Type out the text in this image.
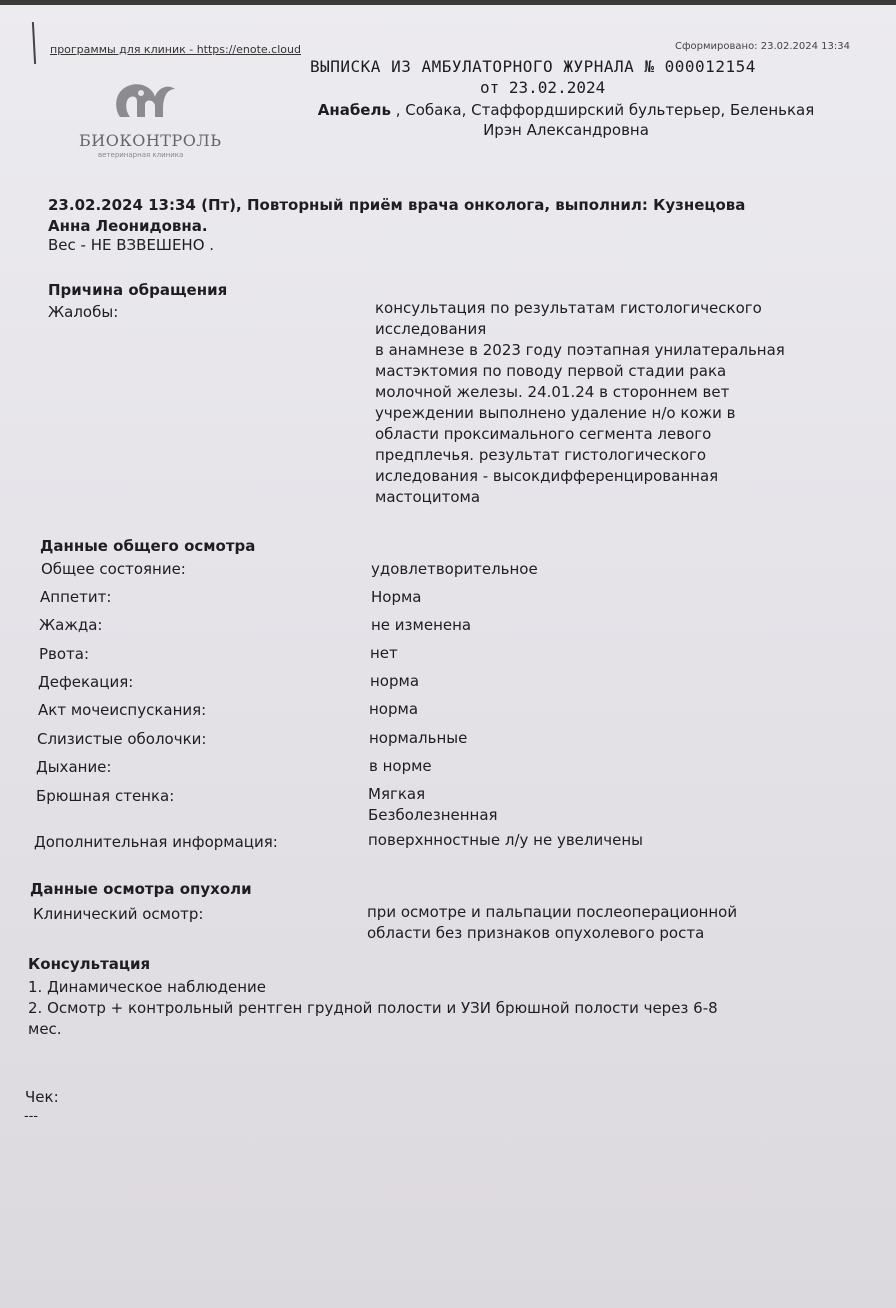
программы для клиник - https://enote.cloud	Сформировано: 23.02.2024 13:34
ВЫПИСКА ИЗ АМБУЛАТОРНОГО ЖУРНАЛА № 000012154
от 23.02.2024
Анабель , Собака, Стаффордширский бультерьер, Беленькая
Ирэн Александровна
БИОКОНТРОЛЬ
ветеринарная клиника
23.02.2024 13:34 (Пт), Повторный приём врача онколога, выполнил: Кузнецова
Анна Леонидовна.
Вес - НЕ ВЗВЕШЕНО .
Причина обращения
Жалобы:	консультация по результатам гистологического
исследования
в анамнезе в 2023 году поэтапная унилатеральная
мастэктомия по поводу первой стадии рака
молочной железы. 24.01.24 в стороннем вет
учреждении выполнено удаление н/о кожи в
области проксимального сегмента левого
предплечья. результат гистологического
иследования - высокдифференцированная
мастоцитома
Данные общего осмотра
Общее состояние:	удовлетворительное
Аппетит:	Норма
Жажда:	не изменена
Рвота:	нет
Дефекация:	норма
Акт мочеиспускания:	норма
Слизистые оболочки:	нормальные
Дыхание:	в норме
Брюшная стенка:	Мягкая
Безболезненная
Дополнительная информация:	поверхнностные л/у не увеличены
Данные осмотра опухоли
Клинический осмотр:	при осмотре и пальпации послеоперационной
области без признаков опухолевого роста
Консультация
1. Динамическое наблюдение
2. Осмотр + контрольный рентген грудной полости и УЗИ брюшной полости через 6-8
мес.
Чек:
---
